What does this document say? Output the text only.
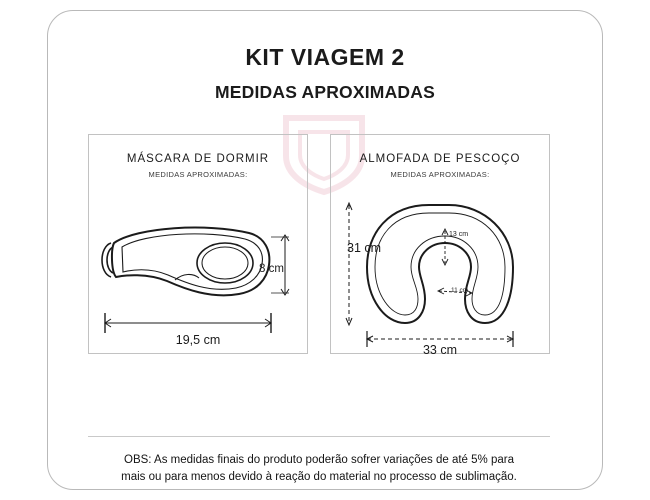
KIT VIAGEM 2
MEDIDAS APROXIMADAS
MÁSCARA DE DORMIR
MEDIDAS APROXIMADAS:
8 cm
19,5 cm
ALMOFADA DE PESCOÇO
MEDIDAS APROXIMADAS:
13 cm
11 cm
31 cm
33 cm
OBS: As medidas finais do produto poderão sofrer variações de até 5% para
mais ou para menos devido à reação do material no processo de sublimação.
